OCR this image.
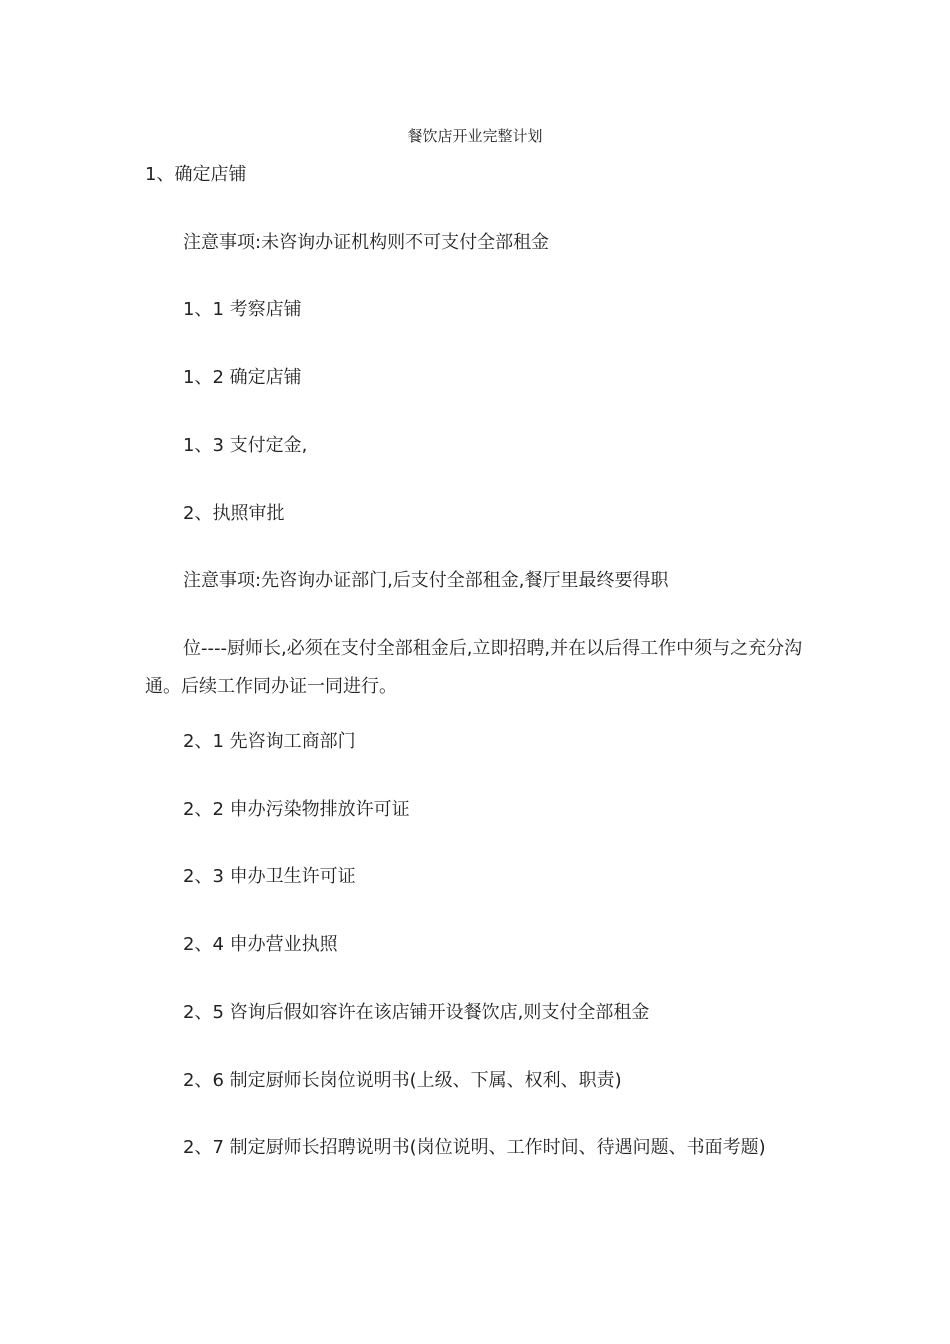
餐饮店开业完整计划
1、确定店铺
注意事项:未咨询办证机构则不可支付全部租金
1、1 考察店铺
1、2 确定店铺
1、3 支付定金,
2、执照审批
注意事项:先咨询办证部门,后支付全部租金,餐厅里最终要得职
位----厨师长,必须在支付全部租金后,立即招聘,并在以后得工作中须与之充分沟通。后续工作同办证一同进行。
2、1 先咨询工商部门
2、2 申办污染物排放许可证
2、3 申办卫生许可证
2、4 申办营业执照
2、5 咨询后假如容许在该店铺开设餐饮店,则支付全部租金
2、6 制定厨师长岗位说明书(上级、下属、权利、职责)
2、7 制定厨师长招聘说明书(岗位说明、工作时间、待遇问题、书面考题)
